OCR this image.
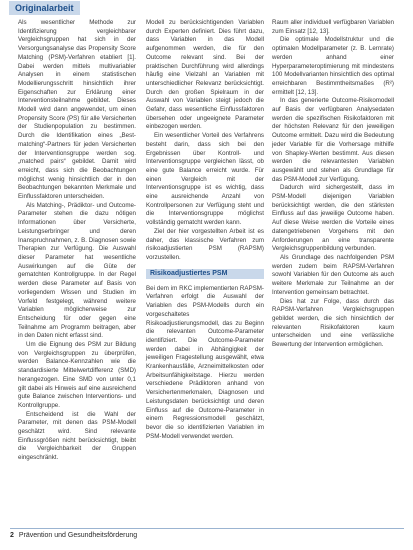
Originalarbeit

Als wesentlicher Methode zur Identifizierung vergleichbarer Vergleichsgruppen hat sich in der Versorgungsanalyse das Propensity Score Matching (PSM)-Verfahren etabliert [1]. Dabei werden mittels multivariabler Analysen in einem statistischen Modellierungsschritt hinsichtlich ihrer Eigenschaften zur Erklärung einer Interventionsteilnahme gebildet. Dieses Modell wird dann angewendet, um einen Propensity Score (PS) für alle Versicherten der Studienpopulation zu bestimmen. Durch die Identifikation eines „Best-matching“-Partners für jeden Versicherten der Interventionsgruppe werden sog. „matched pairs“ gebildet. Damit wird erreicht, dass sich die Beobachtungen möglichst wenig hinsichtlich der in den Beobachtungen bekannten Merkmale und Einflussfaktoren unterscheiden.

Als Matching-, Prädiktor- und Outcome-Parameter stehen die dazu nötigen Informationen über Versicherte, Leistungserbringer und deren Inanspruchnahmen, z. B. Diagnosen sowie Therapien zur Verfügung. Die Auswahl dieser Parameter hat wesentliche Auswirkungen auf die Güte der gematchten Kontrollgruppe. In der Regel werden diese Parameter auf Basis von vorliegendem Wissen und Studien im Vorfeld festgelegt, während weitere Variablen möglicherweise zur Entscheidung für oder gegen eine Teilnahme am Programm beitragen, aber in den Daten nicht erfasst sind.

Um die Eignung des PSM zur Bildung von Vergleichsgruppen zu überprüfen, werden Balance-Kennzahlen wie die standardisierte Mittelwertdifferenz (SMD) herangezogen. Eine SMD von unter 0,1 gilt dabei als Hinweis auf eine ausreichend gute Balance zwischen Interventions- und Kontrollgruppe.

Entscheidend ist die Wahl der Parameter, mit denen das PSM-Modell geschätzt wird. Sind relevante Einflussgrößen nicht berücksichtigt, bleibt die Vergleichbarkeit der Gruppen eingeschränkt.

Modell zu berücksichtigenden Variablen durch Experten definiert. Dies führt dazu, dass Variablen in das Modell aufgenommen werden, die für den Outcome relevant sind. Bei der praktischen Durchführung wird allerdings häufig eine Vielzahl an Variablen mit unterschiedlicher Relevanz berücksichtigt. Durch den großen Spielraum in der Auswahl von Variablen steigt jedoch die Gefahr, dass wesentliche Einflussfaktoren übersehen oder ungeeignete Parameter einbezogen werden.

Ein wesentlicher Vorteil des Verfahrens besteht darin, dass sich bei den Ergebnissen über Kontroll- und Interventionsgruppe vergleichen lässt, ob eine gute Balance erreicht wurde. Für einen Vergleich mit der Interventionsgruppe ist es wichtig, dass eine ausreichende Anzahl von Kontrollpersonen zur Verfügung steht und die Interventionsgruppe möglichst vollständig gematcht werden kann.

Ziel der hier vorgestellten Arbeit ist es daher, das klassische Verfahren zum risikoadjustierten PSM (RAPSM) vorzustellen.

Risikoadjustiertes PSM

Bei dem im RKC implementierten RAPSM-Verfahren erfolgt die Auswahl der Variablen des PSM-Modells durch ein vorgeschaltetes Risikoadjustierungsmodell, das zu Beginn die relevanten Outcome-Parameter identifiziert. Die Outcome-Parameter werden dabei in Abhängigkeit der jeweiligen Fragestellung ausgewählt, etwa Krankenhausfälle, Arzneimittelkosten oder Arbeitsunfähigkeitstage. Hierzu werden verschiedene Prädiktoren anhand von Versichertenmerkmalen, Diagnosen und Leistungsdaten berücksichtigt und deren Einfluss auf die Outcome-Parameter in einem Regressionsmodell geschätzt, bevor die so identifizierten Variablen im PSM-Modell verwendet werden.

Raum aller individuell verfügbaren Variablen zum Einsatz [12, 13].

Die optimale Modellstruktur und die optimalen Modellparameter (z. B. Lernrate) werden anhand einer Hyperparameteroptimierung mit mindestens 100 Modellvarianten hinsichtlich des optimal erreichbaren Bestimmtheitsmaßes (R²) ermittelt [12, 13].

In das generierte Outcome-Risikomodell auf Basis der verfügbaren Analysedaten werden die spezifischen Risikofaktoren mit der höchsten Relevanz für den jeweiligen Outcome ermittelt. Dazu wird die Bedeutung jeder Variable für die Vorhersage mithilfe von Shapley-Werten bestimmt. Aus diesen werden die relevantesten Variablen ausgewählt und stehen als Grundlage für das PSM-Modell zur Verfügung.

Dadurch wird sichergestellt, dass im PSM-Modell diejenigen Variablen berücksichtigt werden, die den stärksten Einfluss auf das jeweilige Outcome haben. Auf diese Weise werden die Vorteile eines datengetriebenen Vorgehens mit den Anforderungen an eine transparente Vergleichsgruppenbildung verbunden.

Als Grundlage des nachfolgenden PSM werden zudem beim RAPSM-Verfahren sowohl Variablen für den Outcome als auch weitere Merkmale zur Teilnahme an der Intervention gemeinsam betrachtet.

Dies hat zur Folge, dass durch das RAPSM-Verfahren Vergleichsgruppen gebildet werden, die sich hinsichtlich der relevanten Risikofaktoren kaum unterscheiden und eine verlässliche Bewertung der Intervention ermöglichen.

2 Prävention und Gesundheitsförderung
